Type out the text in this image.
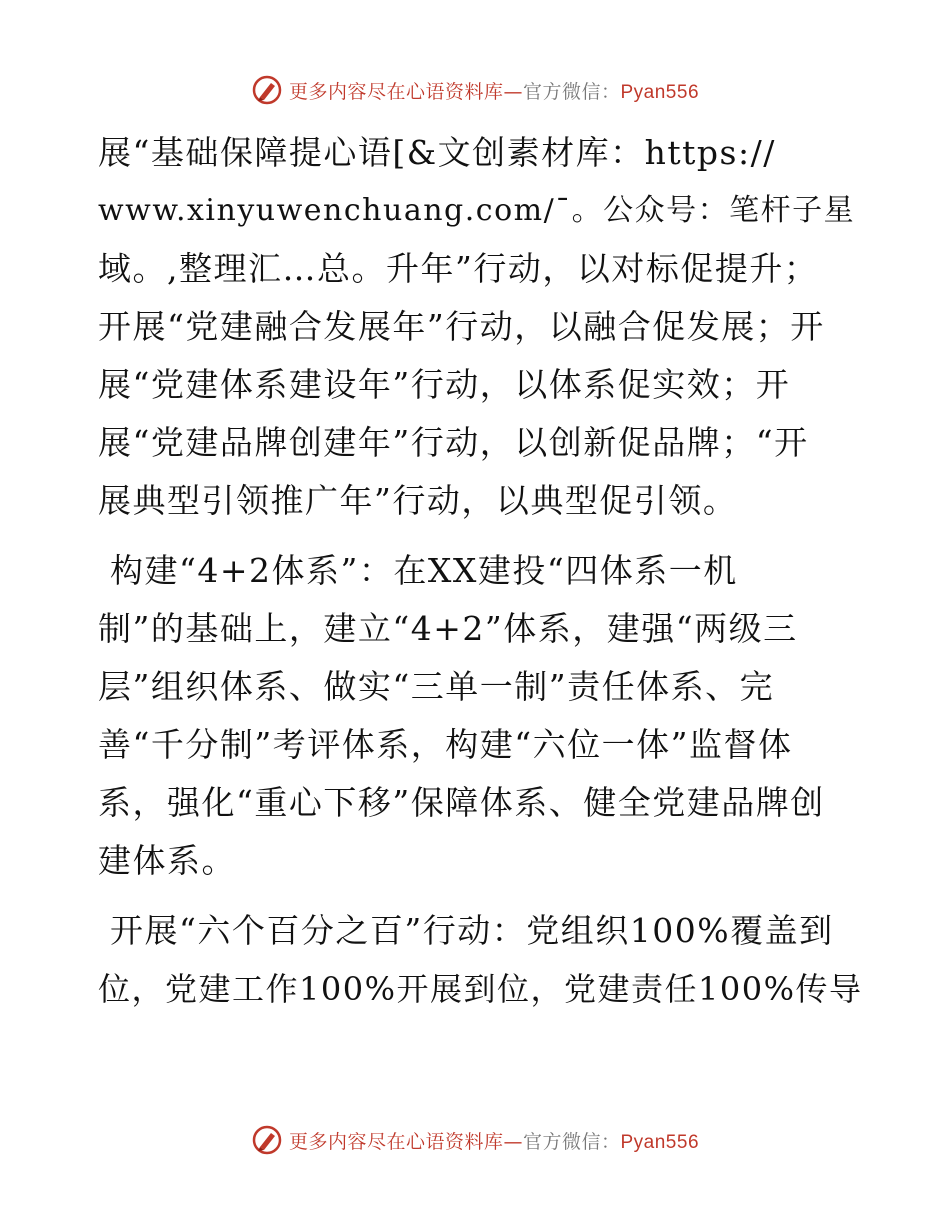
更多内容尽在心语资料库—官方微信：Pyan556
展“基础保障提心语[&文创素材库：https://
www.xinyuwenchuang.com/¯。公众号：笔杆子星
域。,整理汇…总。升年”行动，以对标促提升；
开展“党建融合发展年”行动，以融合促发展；开
展“党建体系建设年”行动，以体系促实效；开
展“党建品牌创建年”行动，以创新促品牌；“开
展典型引领推广年”行动，以典型促引领。
构建“4+2体系”：在XX建投“四体系一机
制”的基础上，建立“4+2”体系，建强“两级三
层”组织体系、做实“三单一制”责任体系、完
善“千分制”考评体系，构建“六位一体”监督体
系，强化“重心下移”保障体系、健全党建品牌创
建体系。
开展“六个百分之百”行动：党组织100%覆盖到
位，党建工作100%开展到位，党建责任100%传导
更多内容尽在心语资料库—官方微信：Pyan556
